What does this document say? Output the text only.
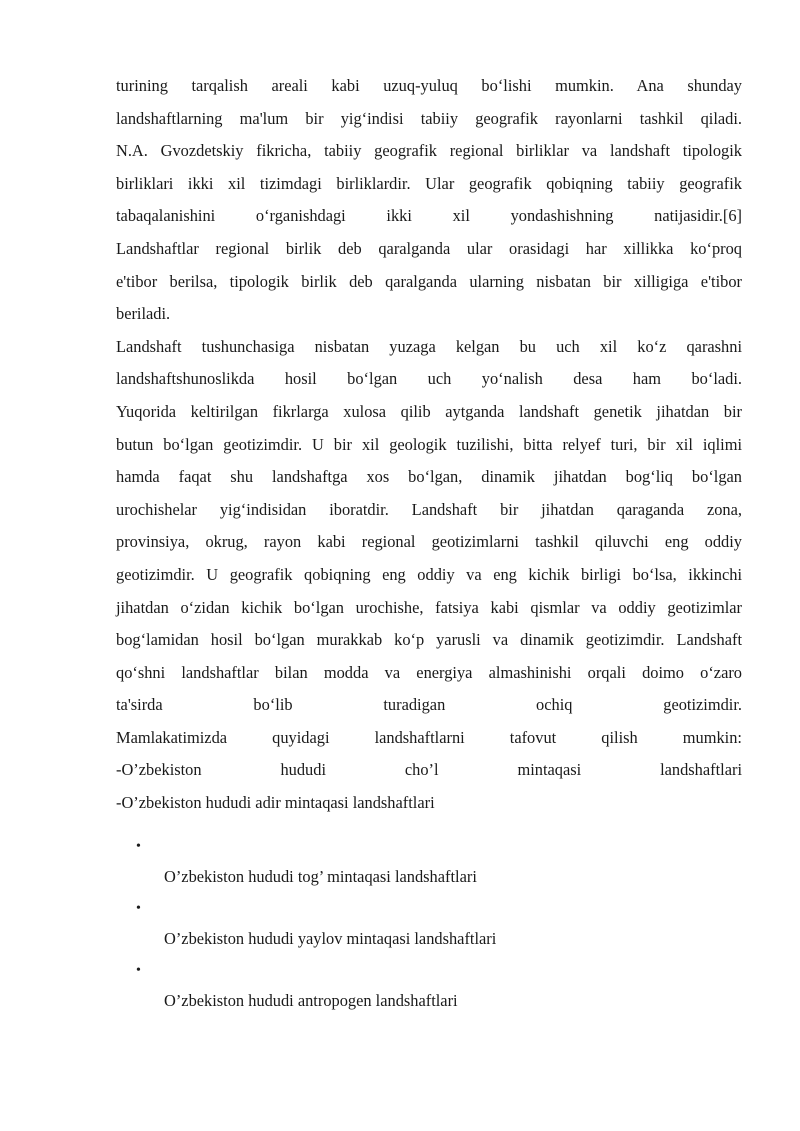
turining tarqalish areali kabi uzuq-yuluq bo‘lishi mumkin. Ana shunday
landshaftlarning ma'lum bir yig‘indisi tabiiy geografik rayonlarni tashkil qiladi.
N.A. Gvozdetskiy fikricha, tabiiy geografik regional birliklar va landshaft tipologik
birliklari ikki xil tizimdagi birliklardir. Ular geografik qobiqning tabiiy geografik
tabaqalanishini o‘rganishdagi ikki xil yondashishning natijasidir.[6]
Landshaftlar regional birlik deb qaralganda ular orasidagi har xillikka ko‘proq
e'tibor berilsa, tipologik birlik deb qaralganda ularning nisbatan bir xilligiga e'tibor
beriladi.
Landshaft tushunchasiga nisbatan yuzaga kelgan bu uch xil ko‘z qarashni
landshaftshunoslikda hosil bo‘lgan uch yo‘nalish desa ham bo‘ladi.
Yuqorida keltirilgan fikrlarga xulosa qilib aytganda landshaft genetik jihatdan bir
butun bo‘lgan geotizimdir. U bir xil geologik tuzilishi, bitta relyef turi, bir xil iqlimi
hamda faqat shu landshaftga xos bo‘lgan, dinamik jihatdan bog‘liq bo‘lgan
urochishelar yig‘indisidan iboratdir. Landshaft bir jihatdan qaraganda zona,
provinsiya, okrug, rayon kabi regional geotizimlarni tashkil qiluvchi eng oddiy
geotizimdir. U geografik qobiqning eng oddiy va eng kichik birligi bo‘lsa, ikkinchi
jihatdan o‘zidan kichik bo‘lgan urochishe, fatsiya kabi qismlar va oddiy geotizimlar
bog‘lamidan hosil bo‘lgan murakkab ko‘p yarusli va dinamik geotizimdir. Landshaft
qo‘shni landshaftlar bilan modda va energiya almashinishi orqali doimo o‘zaro
ta'sirda bo‘lib turadigan ochiq geotizimdir.
Mamlakatimizda quyidagi landshaftlarni tafovut qilish mumkin:
-O’zbekiston hududi cho’l mintaqasi landshaftlari
-O’zbekiston hududi adir mintaqasi landshaftlari
•
O’zbekiston hududi tog’ mintaqasi landshaftlari
•
O’zbekiston hududi yaylov mintaqasi landshaftlari
•
O’zbekiston hududi antropogen landshaftlari
